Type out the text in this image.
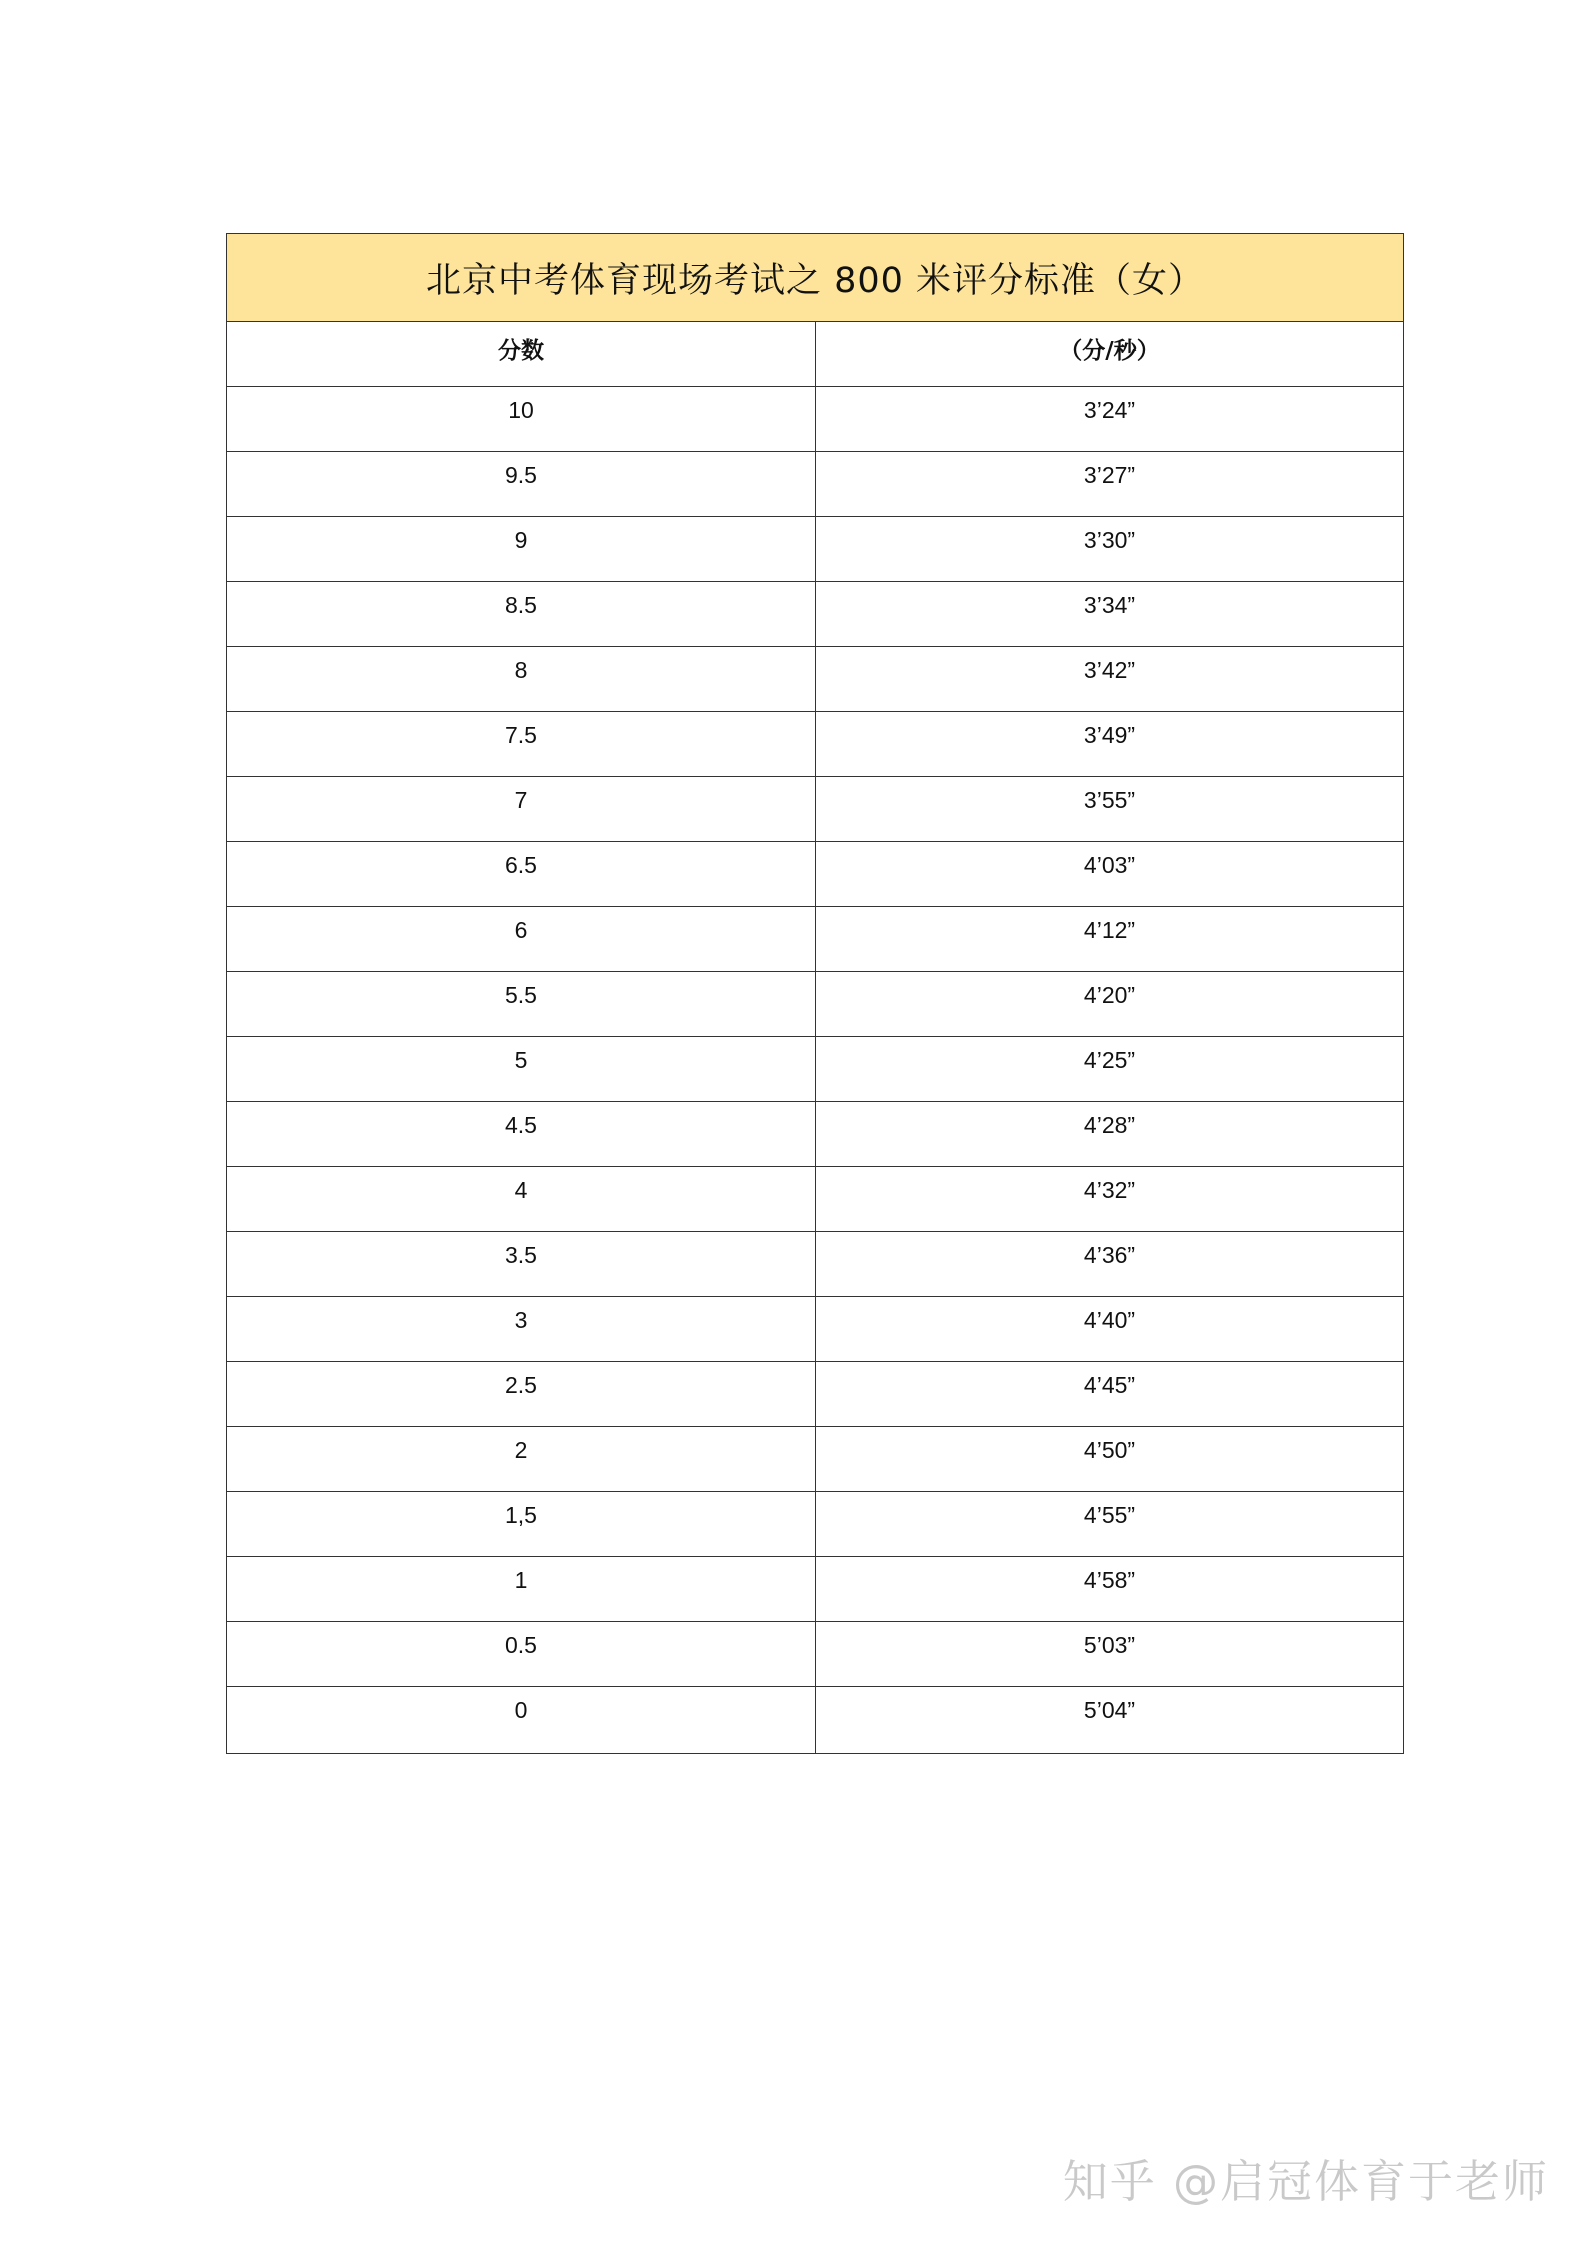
北京中考体育现场考试之 800 米评分标准（女）
分数	（分/秒）
10	3’24”
9.5	3’27”
9	3’30”
8.5	3’34”
8	3’42”
7.5	3’49”
7	3’55”
6.5	4’03”
6	4’12”
5.5	4’20”
5	4’25”
4.5	4’28”
4	4’32”
3.5	4’36”
3	4’40”
2.5	4’45”
2	4’50”
1,5	4’55”
1	4’58”
0.5	5’03”
0	5’04”
知乎 @启冠体育于老师
